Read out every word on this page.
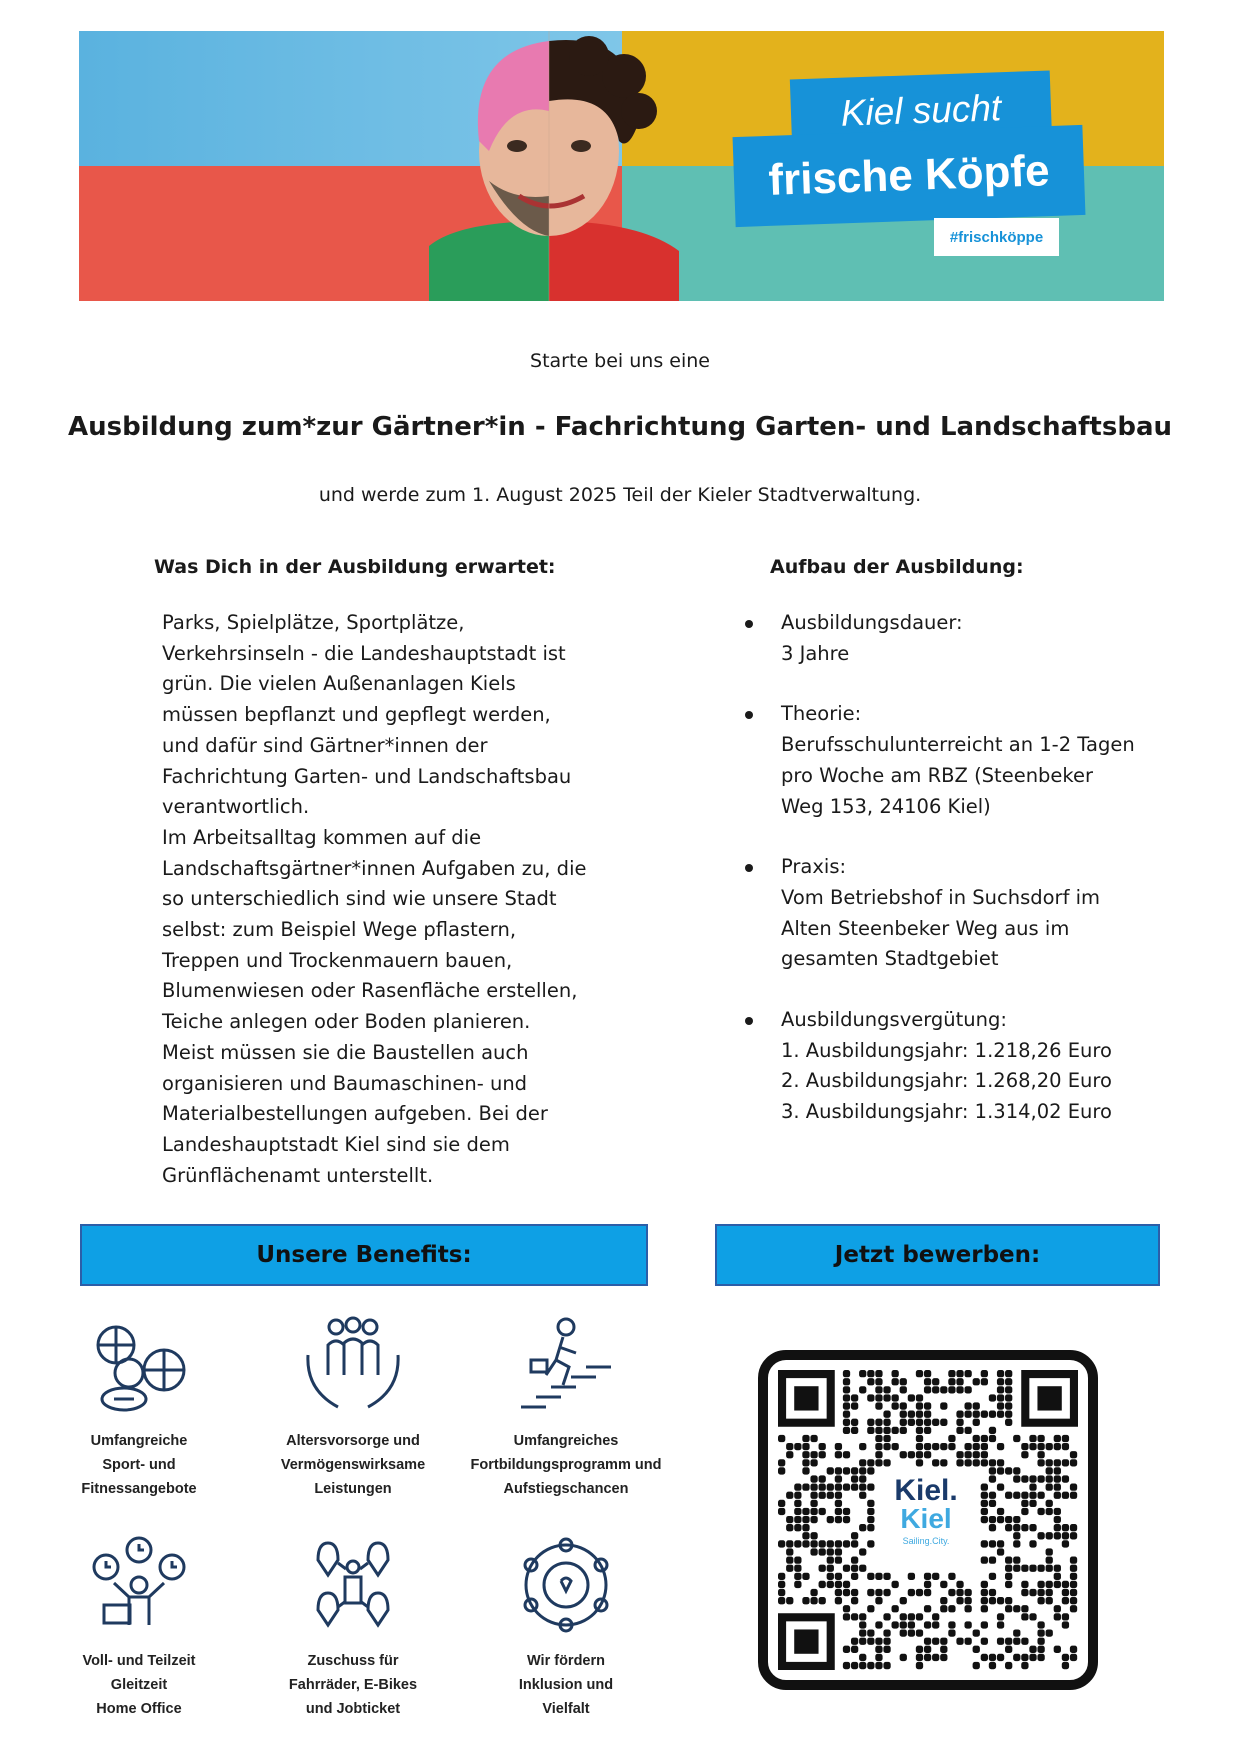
Kiel sucht
frische Köpfe
#frischköppe
Starte bei uns eine
Ausbildung zum*zur Gärtner*in - Fachrichtung Garten- und Landschaftsbau
und werde zum 1. August 2025 Teil der Kieler Stadtverwaltung.
Was Dich in der Ausbildung erwartet:
Parks, Spielplätze, Sportplätze,
Verkehrsinseln - die Landeshauptstadt ist
grün. Die vielen Außenanlagen Kiels
müssen bepflanzt und gepflegt werden,
und dafür sind Gärtner*innen der
Fachrichtung Garten- und Landschaftsbau
verantwortlich.
Im Arbeitsalltag kommen auf die
Landschaftsgärtner*innen Aufgaben zu, die
so unterschiedlich sind wie unsere Stadt
selbst: zum Beispiel Wege pflastern,
Treppen und Trockenmauern bauen,
Blumenwiesen oder Rasenfläche erstellen,
Teiche anlegen oder Boden planieren.
Meist müssen sie die Baustellen auch
organisieren und Baumaschinen- und
Materialbestellungen aufgeben. Bei der
Landeshauptstadt Kiel sind sie dem
Grünflächenamt unterstellt.
Aufbau der Ausbildung:
Ausbildungsdauer:
3 Jahre
Theorie:
Berufsschulunterreicht an 1-2 Tagen
pro Woche am RBZ (Steenbeker
Weg 153, 24106 Kiel)
Praxis:
Vom Betriebshof in Suchsdorf im
Alten Steenbeker Weg aus im
gesamten Stadtgebiet
Ausbildungsvergütung:
1. Ausbildungsjahr: 1.218,26 Euro
2. Ausbildungsjahr: 1.268,20 Euro
3. Ausbildungsjahr: 1.314,02 Euro
Unsere Benefits:	Jetzt bewerben:
Umfangreiche
Sport- und
Fitnessangebote
Altersvorsorge und
Vermögenswirksame
Leistungen
Umfangreiches
Fortbildungsprogramm und
Aufstiegschancen
Voll- und Teilzeit
Gleitzeit
Home Office
Zuschuss für
Fahrräder, E-Bikes
und Jobticket
Wir fördern
Inklusion und
Vielfalt
Kiel.
Kiel
Sailing.City.
